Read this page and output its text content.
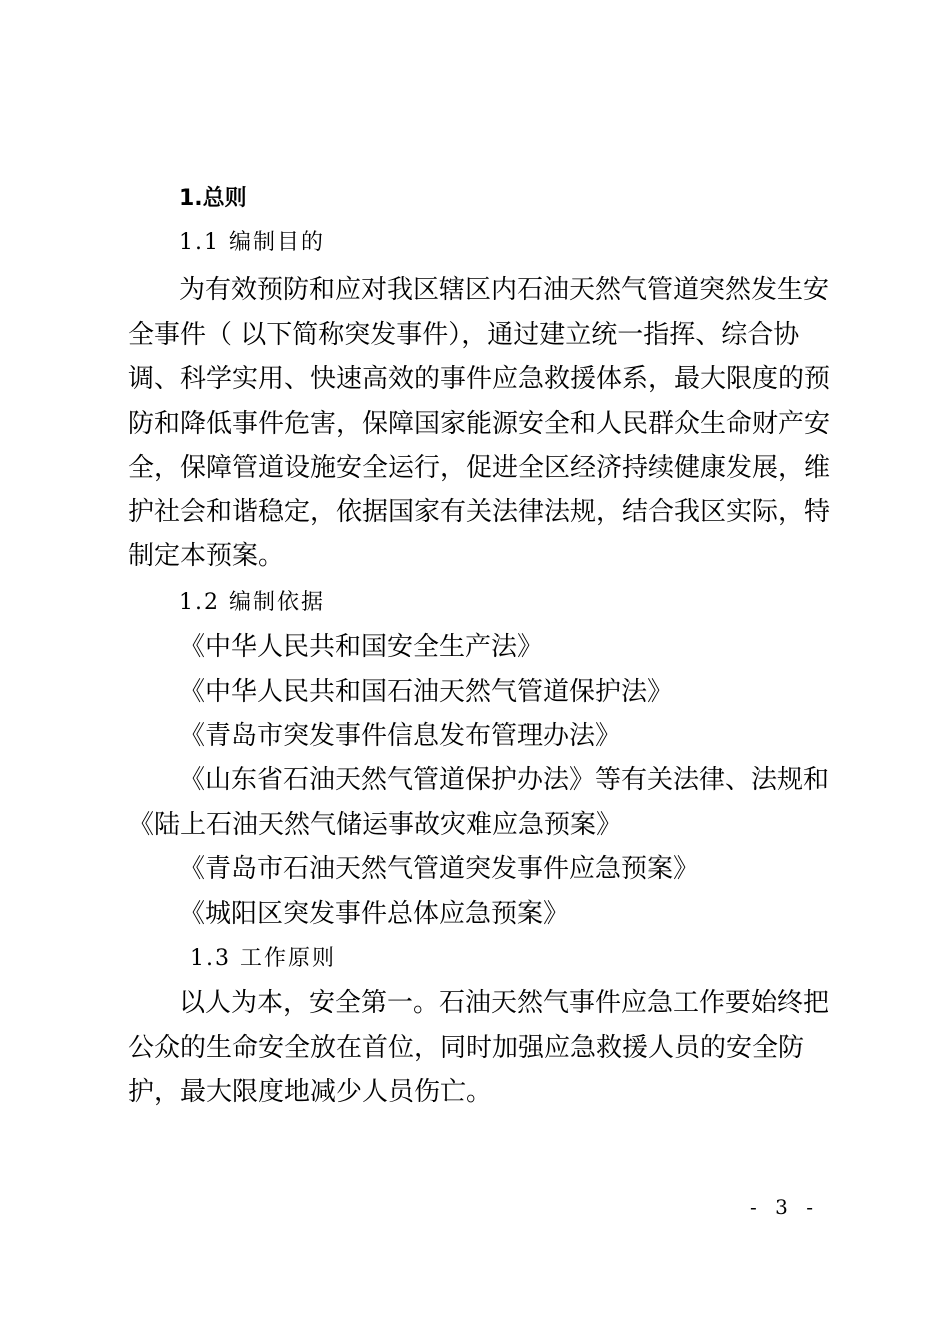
1.总则
1.1 编制目的
为有效预防和应对我区辖区内石油天然气管道突然发生安
全事件（ 以下简称突发事件），通过建立统一指挥、综合协
调、科学实用、快速高效的事件应急救援体系，最大限度的预
防和降低事件危害，保障国家能源安全和人民群众生命财产安
全，保障管道设施安全运行，促进全区经济持续健康发展，维
护社会和谐稳定，依据国家有关法律法规，结合我区实际，特
制定本预案。
1.2 编制依据
《中华人民共和国安全生产法》
《中华人民共和国石油天然气管道保护法》
《青岛市突发事件信息发布管理办法》
《山东省石油天然气管道保护办法》等有关法律、法规和
《陆上石油天然气储运事故灾难应急预案》
《青岛市石油天然气管道突发事件应急预案》
《城阳区突发事件总体应急预案》
1.3 工作原则
以人为本，安全第一。石油天然气事件应急工作要始终把
公众的生命安全放在首位，同时加强应急救援人员的安全防
护，最大限度地减少人员伤亡。
- 3 -
